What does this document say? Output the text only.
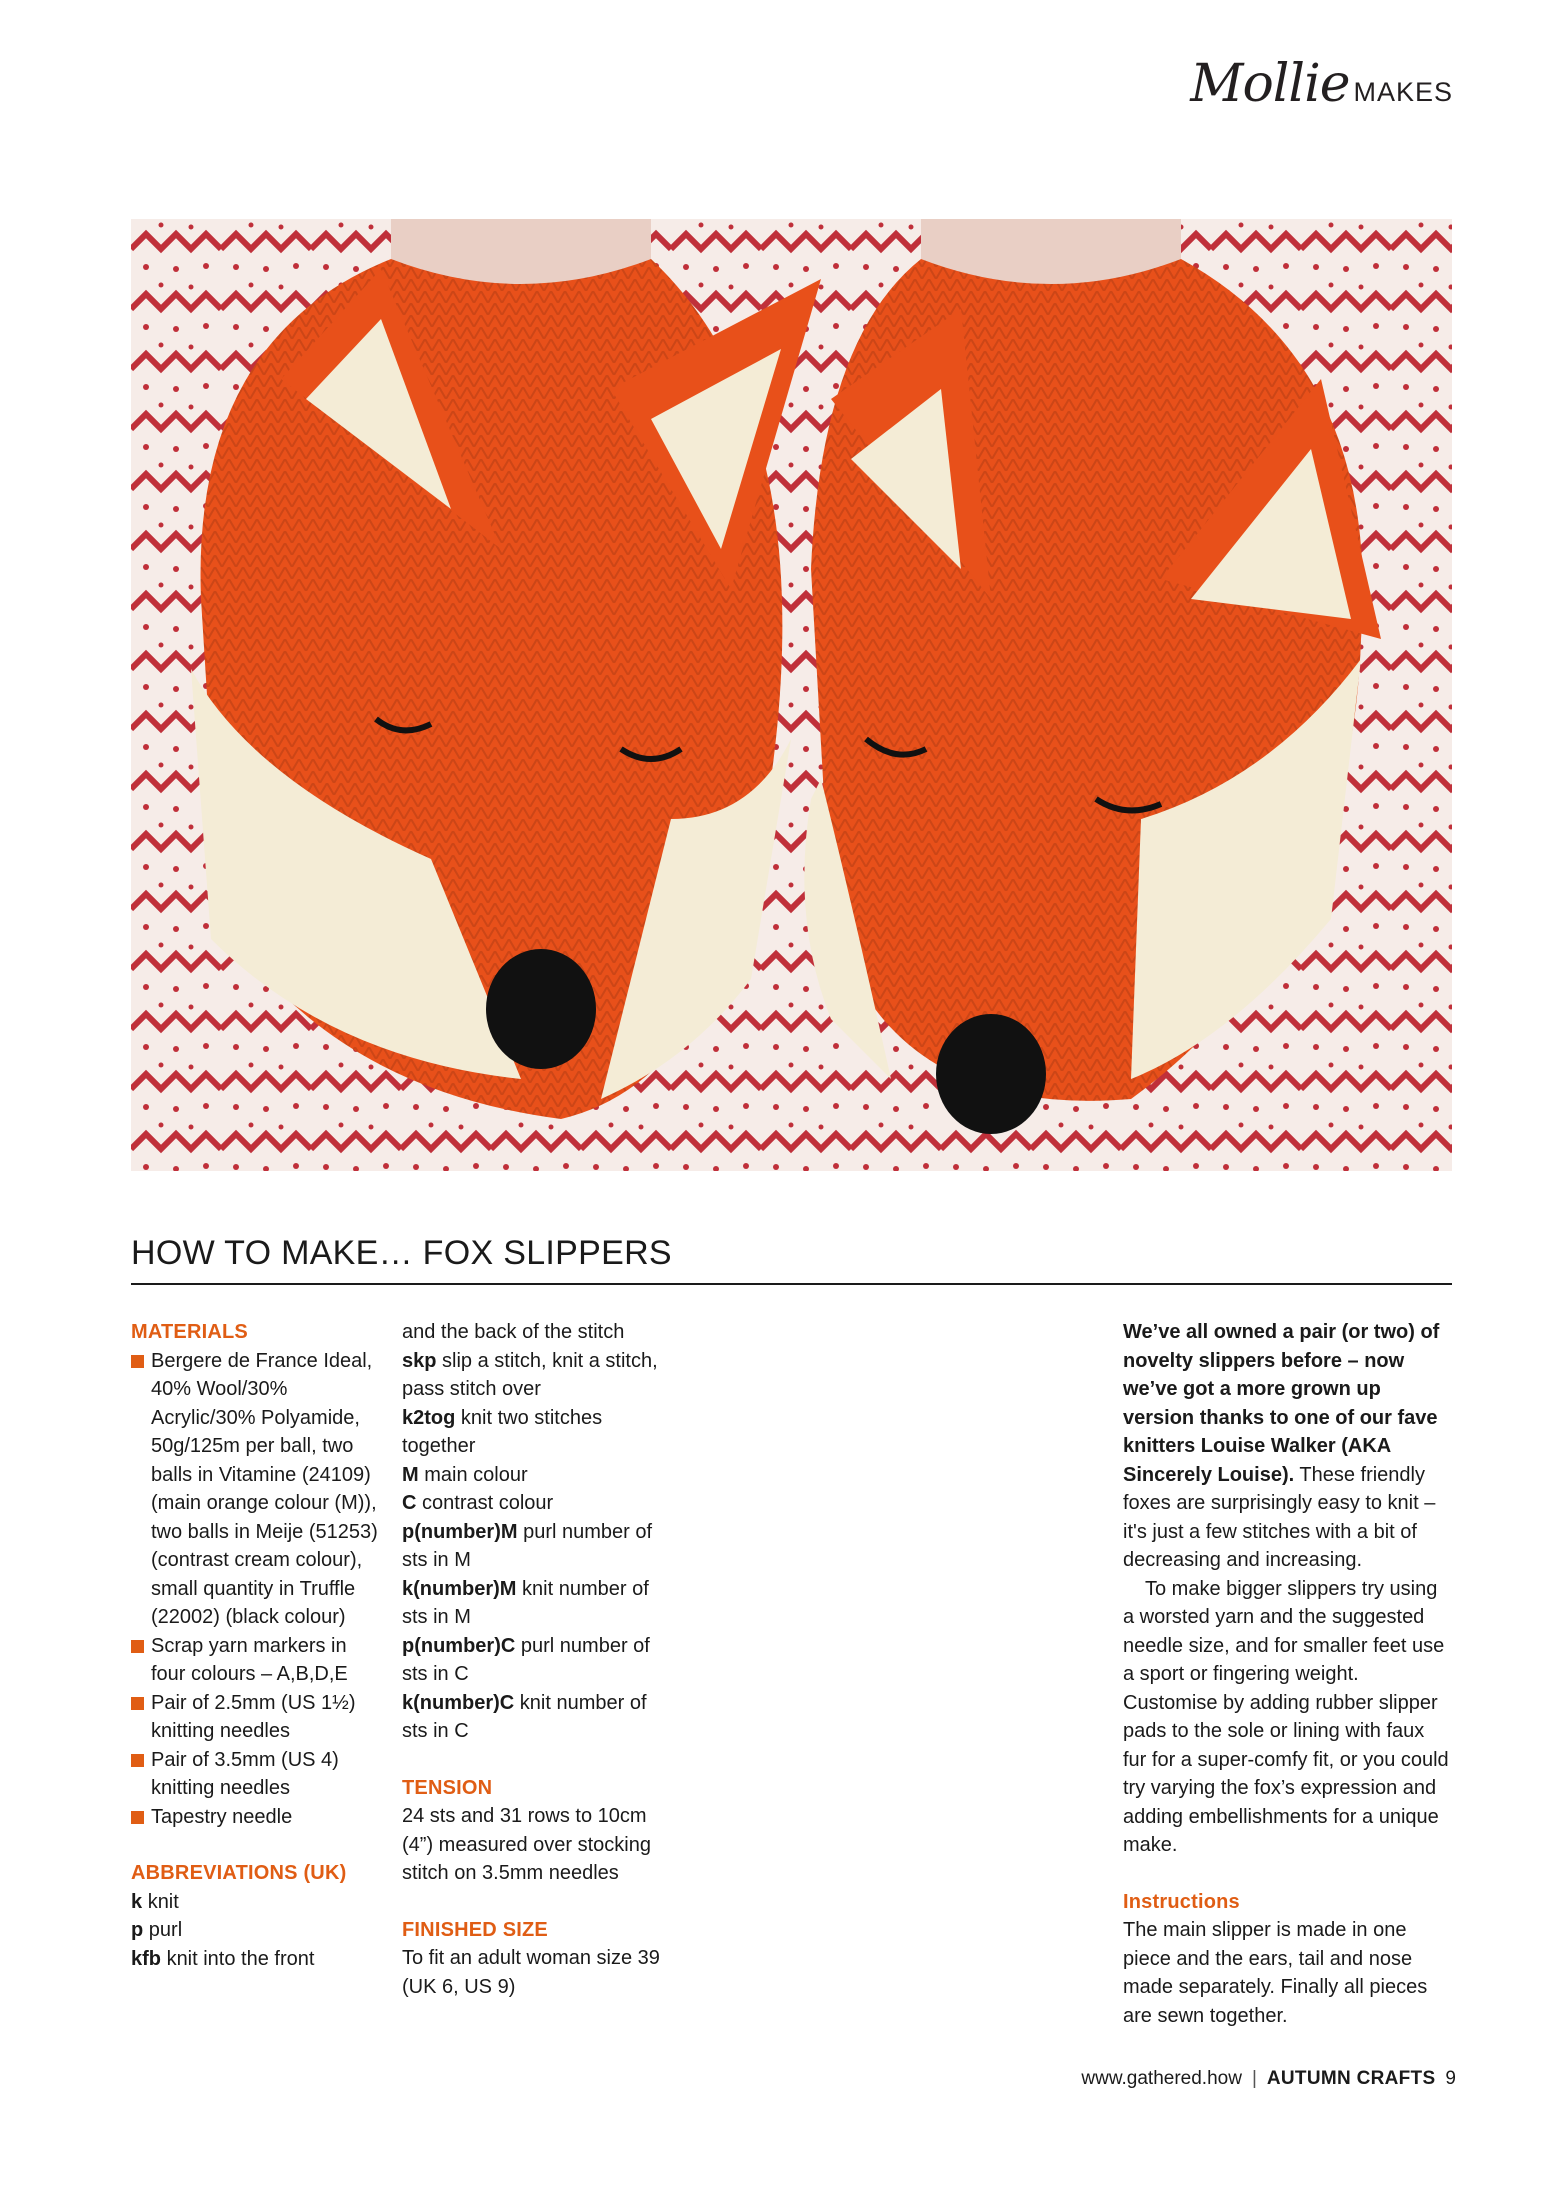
Mollie MAKES
HOW TO MAKE… FOX SLIPPERS
MATERIALS
Bergere de France Ideal, 40% Wool/30% Acrylic/30% Polyamide, 50g/125m per ball, two balls in Vitamine (24109) (main orange colour (M)), two balls in Meije (51253) (contrast cream colour), small quantity in Truffle (22002) (black colour)
Scrap yarn markers in four colours – A,B,D,E
Pair of 2.5mm (US 1½) knitting needles
Pair of 3.5mm (US 4) knitting needles
Tapestry needle
ABBREVIATIONS (UK)
k knit
p purl
kfb knit into the front
and the back of the stitch
skp slip a stitch, knit a stitch, pass stitch over
k2tog knit two stitches together
M main colour
C contrast colour
p(number)M purl number of sts in M
k(number)M knit number of sts in M
p(number)C purl number of sts in C
k(number)C knit number of sts in C
TENSION
24 sts and 31 rows to 10cm (4”) measured over stocking stitch on 3.5mm needles
FINISHED SIZE
To fit an adult woman size 39 (UK 6, US 9)

We’ve all owned a pair (or two) of novelty slippers before – now we’ve got a more grown up version thanks to one of our fave knitters Louise Walker (AKA Sincerely Louise). These friendly foxes are surprisingly easy to knit – it's just a few stitches with a bit of decreasing and increasing.

To make bigger slippers try using a worsted yarn and the suggested needle size, and for smaller feet use a sport or fingering weight. Customise by adding rubber slipper pads to the sole or lining with faux fur for a super-comfy fit, or you could try varying the fox’s expression and adding embellishments for a unique make.

Instructions

The main slipper is made in one piece and the ears, tail and nose made separately. Finally all pieces are sewn together.

www.gathered.how | AUTUMN CRAFTS 9
